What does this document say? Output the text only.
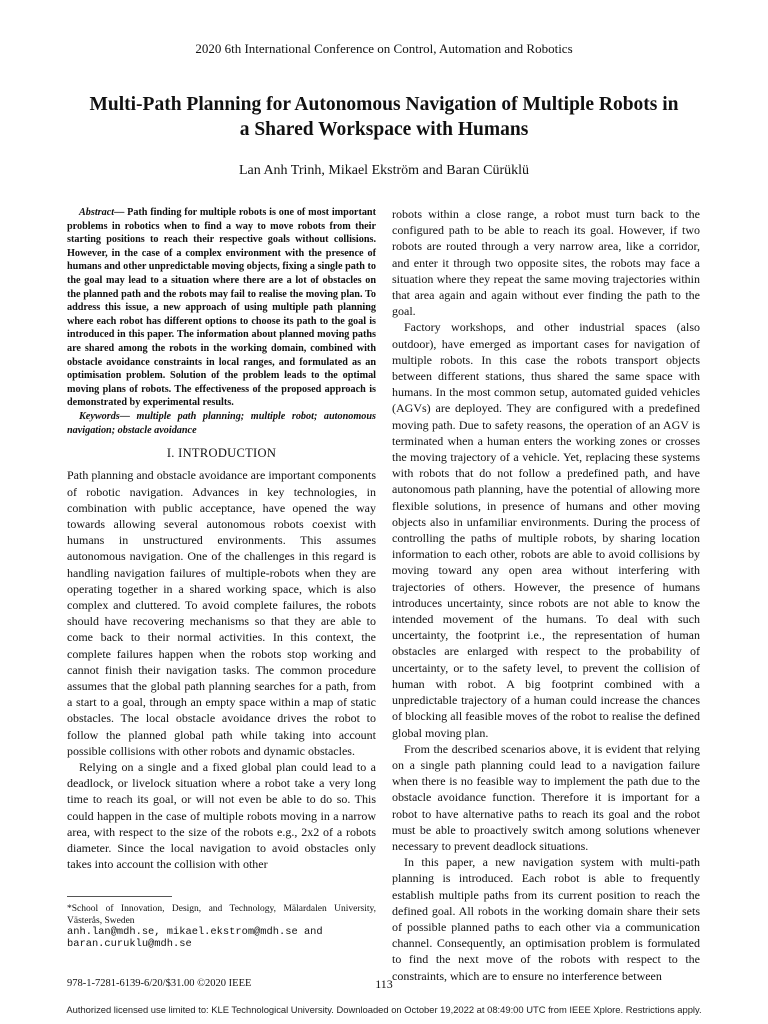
2020 6th International Conference on Control, Automation and Robotics
Multi-Path Planning for Autonomous Navigation of Multiple Robots in
a Shared Workspace with Humans
Lan Anh Trinh, Mikael Ekström and Baran Cürüklü

Abstract— Path finding for multiple robots is one of most important problems in robotics when to find a way to move robots from their starting positions to reach their respective goals without collisions. However, in the case of a complex environment with the presence of humans and other unpredictable moving objects, fixing a single path to the goal may lead to a situation where there are a lot of obstacles on the planned path and the robots may fail to realise the moving plan. To address this issue, a new approach of using multiple path planning where each robot has different options to choose its path to the goal is introduced in this paper. The information about planned moving paths are shared among the robots in the working domain, combined with obstacle avoidance constraints in local ranges, and formulated as an optimisation problem. Solution of the problem leads to the optimal moving plans of robots. The effectiveness of the proposed approach is demonstrated by experimental results.

Keywords— multiple path planning; multiple robot; autonomous navigation; obstacle avoidance

I. INTRODUCTION

Path planning and obstacle avoidance are important components of robotic navigation. Advances in key technologies, in combination with public acceptance, have opened the way towards allowing several autonomous robots coexist with humans in unstructured environments. This assumes autonomous navigation. One of the challenges in this regard is handling navigation failures of multiple-robots when they are operating together in a shared working space, which is also complex and cluttered. To avoid complete failures, the robots should have recovering mechanisms so that they are able to come back to their normal activities. In this context, the complete failures happen when the robots stop working and cannot finish their navigation tasks. The common procedure assumes that the global path planning searches for a path, from a start to a goal, through an empty space within a map of static obstacles. The local obstacle avoidance drives the robot to follow the planned global path while taking into account possible collisions with other robots and dynamic obstacles.

Relying on a single and a fixed global plan could lead to a deadlock, or livelock situation where a robot take a very long time to reach its goal, or will not even be able to do so. This could happen in the case of multiple robots moving in a narrow area, with respect to the size of the robots e.g., 2x2 of a robots diameter. Since the local navigation to avoid obstacles only takes into account the collision with other

robots within a close range, a robot must turn back to the configured path to be able to reach its goal. However, if two robots are routed through a very narrow area, like a corridor, and enter it through two opposite sites, the robots may face a situation where they repeat the same moving trajectories within that area again and again without ever finding the path to the goal.

Factory workshops, and other industrial spaces (also outdoor), have emerged as important cases for navigation of multiple robots. In this case the robots transport objects between different stations, thus shared the same space with humans. In the most common setup, automated guided vehicles (AGVs) are deployed. They are configured with a predefined moving path. Due to safety reasons, the operation of an AGV is terminated when a human enters the working zones or crosses the moving trajectory of a vehicle. Yet, replacing these systems with robots that do not follow a predefined path, and have autonomous path planning, have the potential of allowing more flexible solutions, in presence of humans and other moving objects also in unfamiliar environments. During the process of controlling the paths of multiple robots, by sharing location information to each other, robots are able to avoid collisions by moving toward any open area without interfering with trajectories of others. However, the presence of humans introduces uncertainty, since robots are not able to know the intended movement of the humans. To deal with such uncertainty, the footprint i.e., the representation of human obstacles are enlarged with respect to the probability of uncertainty, or to the safety level, to prevent the collision of human with robot. A big footprint combined with a unpredictable trajectory of a human could increase the chances of blocking all feasible moves of the robot to realise the defined global moving plan.

From the described scenarios above, it is evident that relying on a single path planning could lead to a navigation failure when there is no feasible way to implement the path due to the obstacle avoidance function. Therefore it is important for a robot to have alternative paths to reach its goal and the robot must be able to proactively switch among solutions whenever necessary to prevent deadlock situations.

In this paper, a new navigation system with multi-path planning is introduced. Each robot is able to frequently establish multiple paths from its current position to reach the defined goal. All robots in the working domain share their sets of possible planned paths to each other via a communication channel. Consequently, an optimisation problem is formulated to find the next move of the robots with respect to the constraints, which are to ensure no interference between

*School of Innovation, Design, and Technology, Mälardalen University, Västerås, Sweden
anh.lan@mdh.se, mikael.ekstrom@mdh.se and
baran.curuklu@mdh.se
978-1-7281-6139-6/20/$31.00 ©2020 IEEE	113
Authorized licensed use limited to: KLE Technological University. Downloaded on October 19,2022 at 08:49:00 UTC from IEEE Xplore. Restrictions apply.
